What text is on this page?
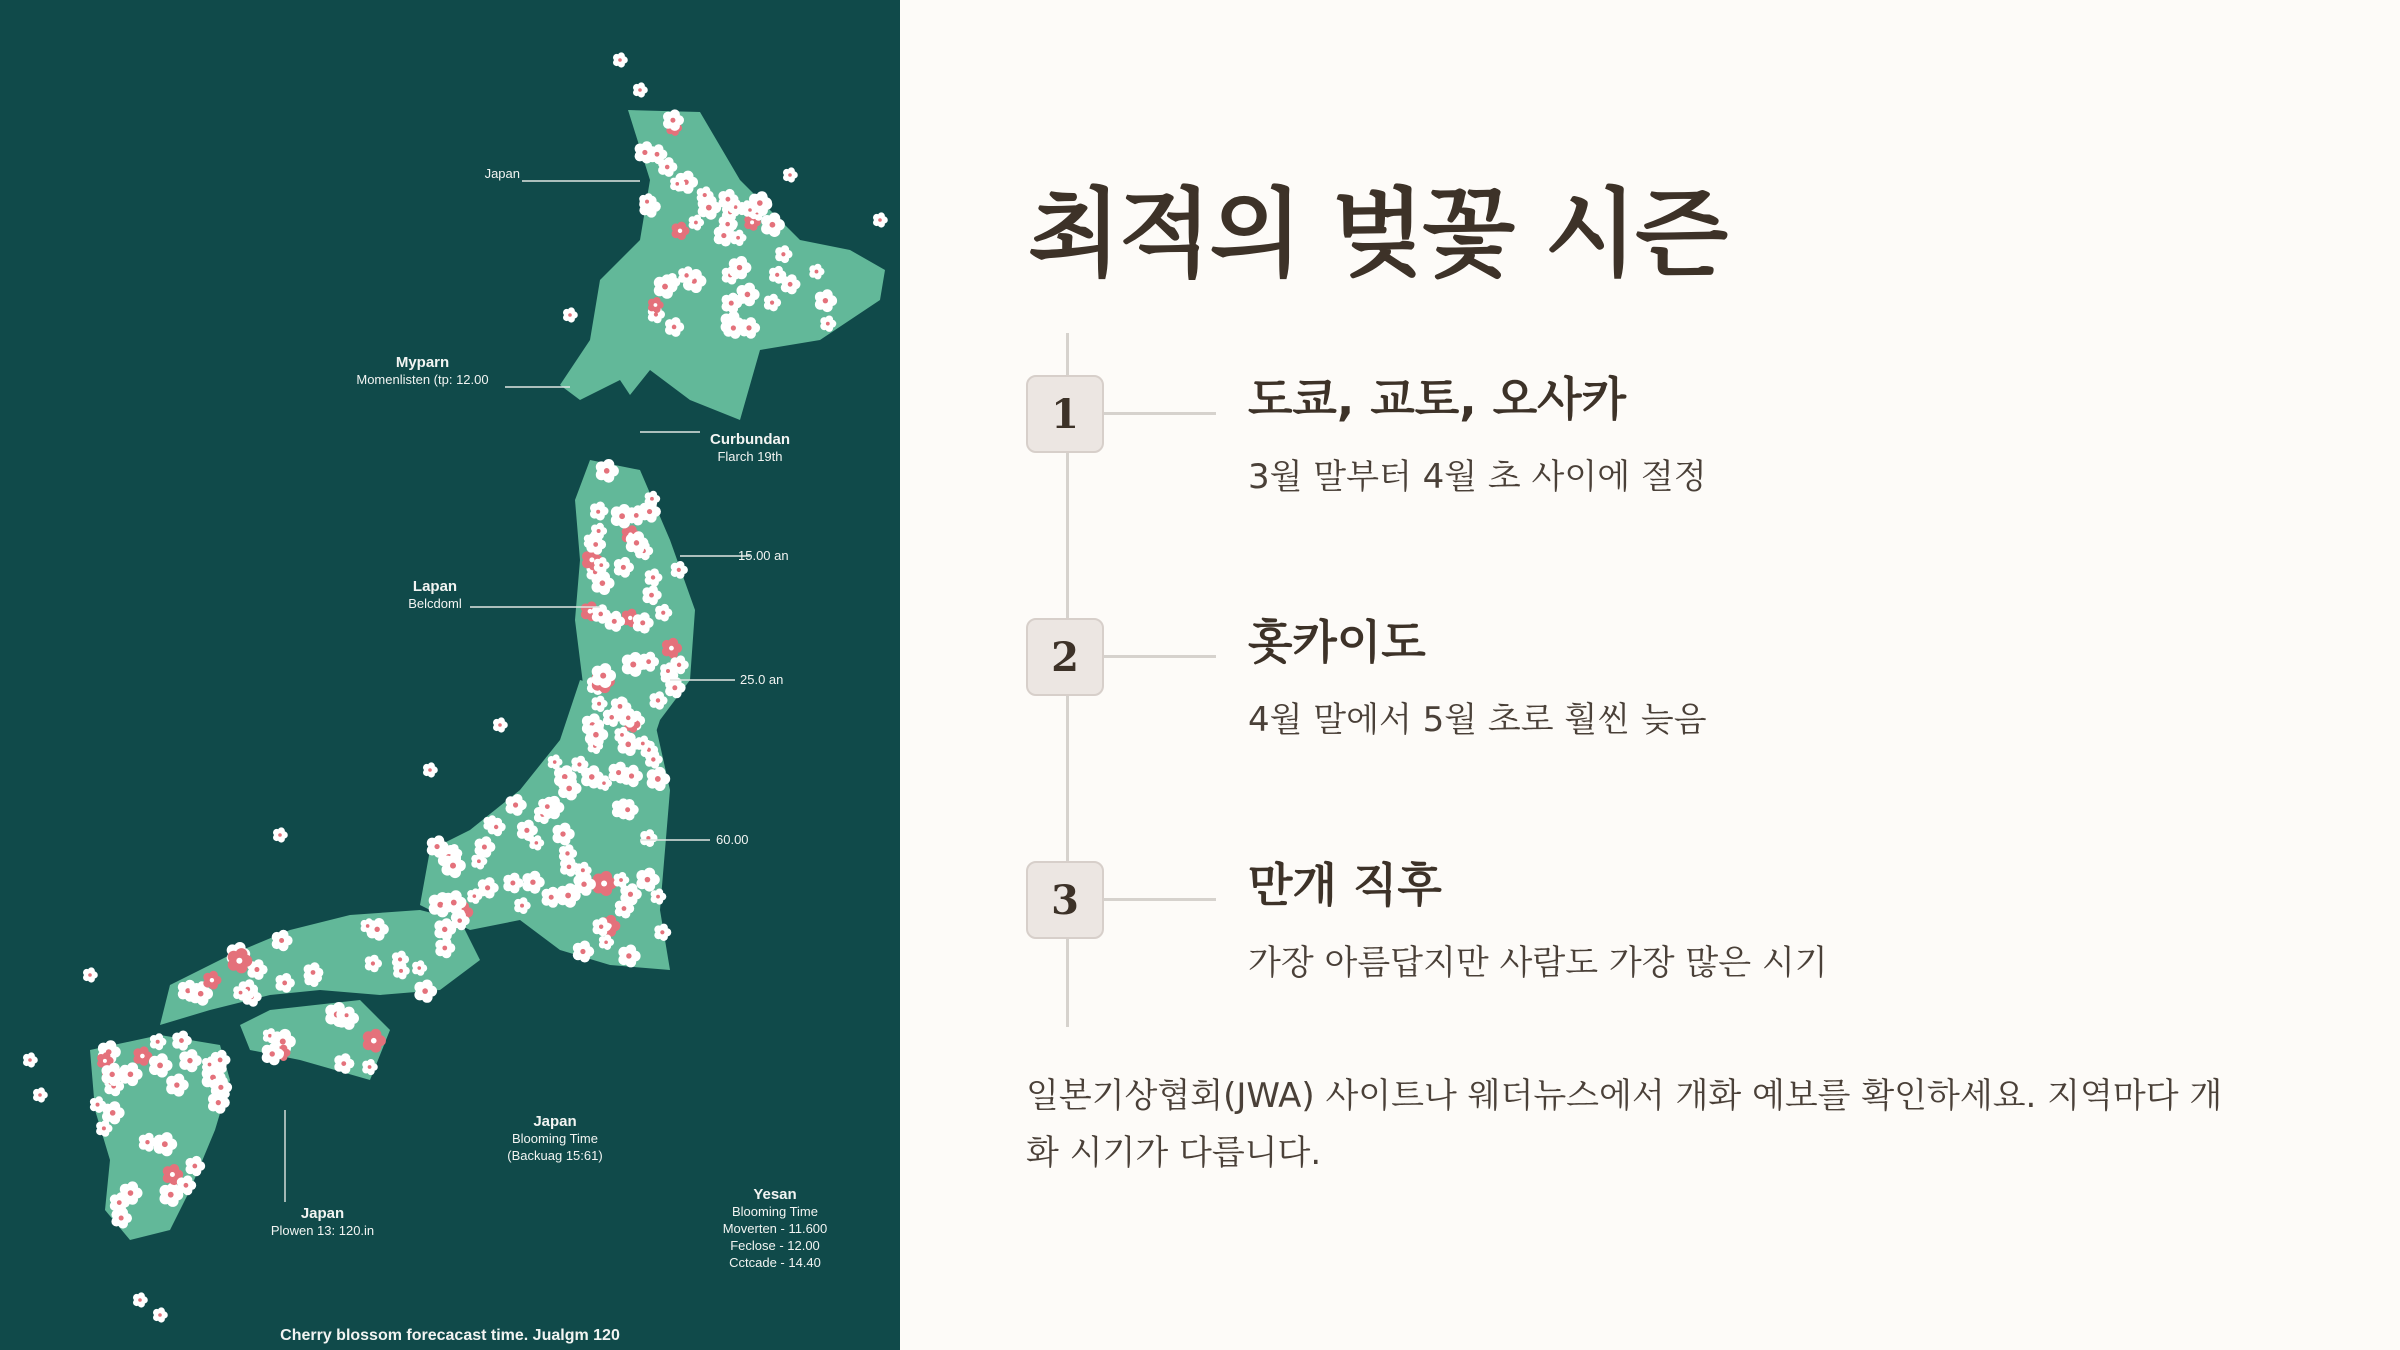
Japan
Myparn
Momenlisten (tp: 12.00
Curbundan
Flarch 19th
15.00 an
Lapan
Belcdoml
25.0 an
60.00
Japan
Blooming Time
(Backuag 15:61)
Japan
Plowen 13: 120.in
Yesan
Blooming Time
Moverten - 11.600
Feclose - 12.00
Cctcade - 14.40
Cherry blossom forecacast time. Jualgm 120
최적의 벚꽃 시즌
1	도쿄, 교토, 오사카

3월 말부터 4월 초 사이에 절정

2	홋카이도

4월 말에서 5월 초로 훨씬 늦음

3	만개 직후

가장 아름답지만 사람도 가장 많은 시기

일본기상협회(JWA) 사이트나 웨더뉴스에서 개화 예보를 확인하세요. 지역마다 개화 시기가 다릅니다.
